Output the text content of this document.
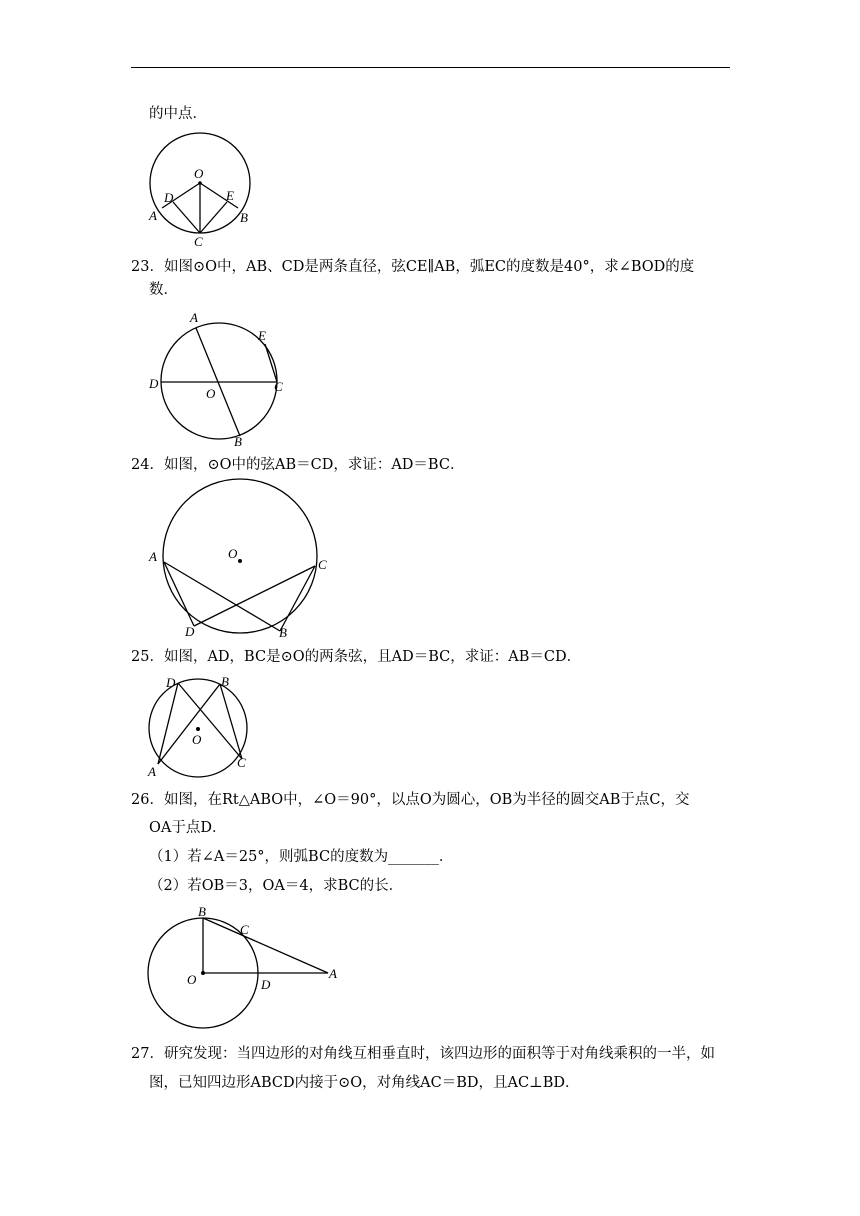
的中点．
O
D	E
A	B
C
23．如图⊙O中，AB、CD是两条直径，弦CE∥AB，弧EC的度数是40°，求∠BOD的度
数．
A
E
D
O	C
B
24．如图，⊙O中的弦AB＝CD，求证：AD＝BC．
O
A
C
D	B
25．如图，AD，BC是⊙O的两条弦，且AD＝BC，求证：AB＝CD．
D	B
O
A
C
26．如图，在Rt△ABO中，∠O＝90°，以点O为圆心，OB为半径的圆交AB于点C，交
OA于点D．
（1）若∠A＝25°，则弧BC的度数为_______．
（2）若OB＝3，OA＝4，求BC的长．
B
C
O	D
A
27．研究发现：当四边形的对角线互相垂直时，该四边形的面积等于对角线乘积的一半，如
图，已知四边形ABCD内接于⊙O，对角线AC＝BD，且AC⊥BD．
